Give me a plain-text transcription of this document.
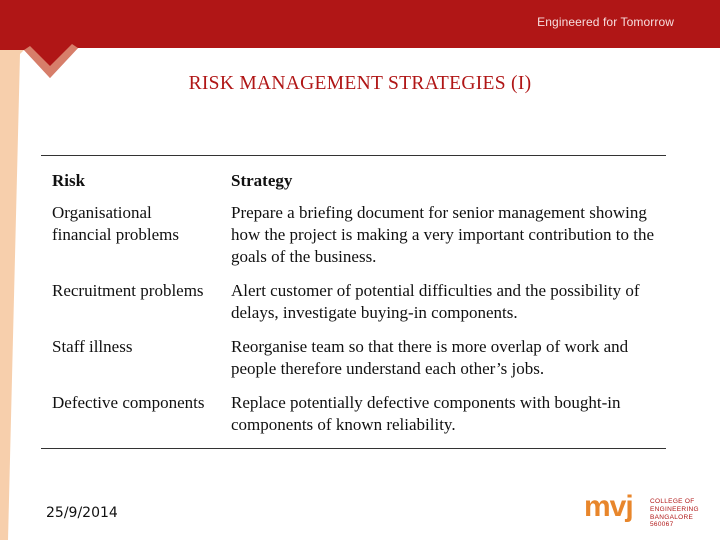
Engineered for Tomorrow
RISK MANAGEMENT STRATEGIES (I)
Risk	Strategy
Organisational financial problems	Prepare a briefing document for senior management showing how the project is making a very important contribution to the goals of the business.
Recruitment problems	Alert customer of potential difficulties and the possibility of delays, investigate buying-in components.
Staff illness	Reorganise team so that there is more overlap of work and people therefore understand each other’s jobs.
Defective components	Replace potentially defective components with bought-in components of known reliability.
25/9/2014	mvj	COLLEGE OF
ENGINEERING
BANGALORE 560067
